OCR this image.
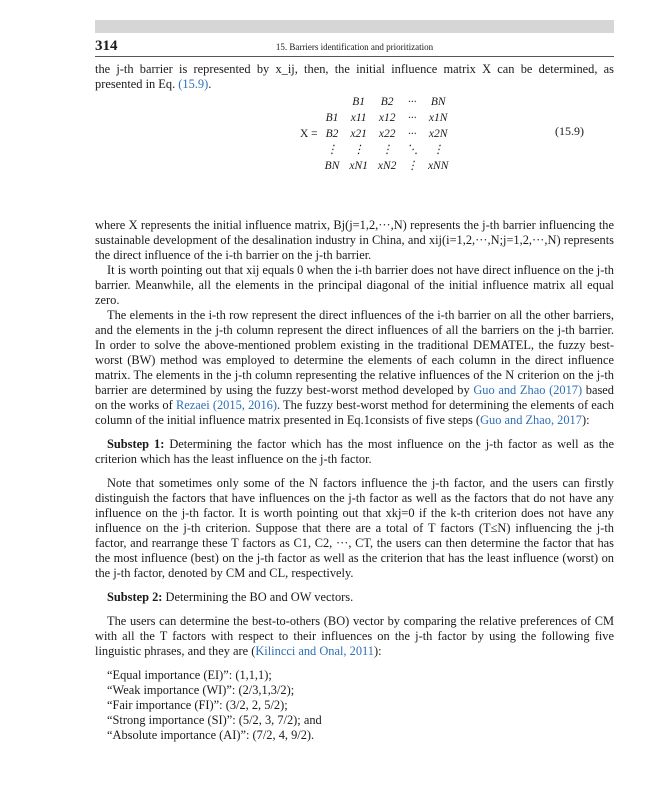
314	15. Barriers identification and prioritization

the j-th barrier is represented by x_ij, then, the initial influence matrix X can be determined, as presented in Eq. (15.9).

		B1	B2	···	BN
	B1	x11	x12	···	x1N
X =	B2	x21	x22	···	x2N
	⋮	⋮	⋮	⋱	⋮
	BN	xN1	xN2	⋮	xNN
(15.9)

where X represents the initial influence matrix, Bj(j=1,2,···,N) represents the j-th barrier influencing the sustainable development of the desalination industry in China, and xij(i=1,2,···,N;j=1,2,···,N) represents the direct influence of the i-th barrier on the j-th barrier.

It is worth pointing out that xij equals 0 when the i-th barrier does not have direct influence on the j-th barrier. Meanwhile, all the elements in the principal diagonal of the initial influence matrix all equal zero.

The elements in the i-th row represent the direct influences of the i-th barrier on all the other barriers, and the elements in the j-th column represent the direct influences of all the barriers on the j-th barrier. In order to solve the above-mentioned problem existing in the traditional DEMATEL, the fuzzy best-worst (BW) method was employed to determine the elements of each column in the direct influence matrix. The elements in the j-th column representing the relative influences of the N criterion on the j-th barrier are determined by using the fuzzy best-worst method developed by Guo and Zhao (2017) based on the works of Rezaei (2015, 2016). The fuzzy best-worst method for determining the elements of each column of the initial influence matrix presented in Eq.1consists of five steps (Guo and Zhao, 2017):

Substep 1: Determining the factor which has the most influence on the j-th factor as well as the criterion which has the least influence on the j-th factor.

Note that sometimes only some of the N factors influence the j-th factor, and the users can firstly distinguish the factors that have influences on the j-th factor as well as the factors that do not have any influence on the j-th factor. It is worth pointing out that xkj=0 if the k-th criterion does not have any influence on the j-th criterion. Suppose that there are a total of T factors (T≤N) influencing the j-th factor, and rearrange these T factors as C1, C2, ···, CT, the users can then determine the factor that has the most influence (best) on the j-th factor as well as the criterion that has the least influence (worst) on the j-th factor, denoted by CM and CL, respectively.

Substep 2: Determining the BO and OW vectors.

The users can determine the best-to-others (BO) vector by comparing the relative preferences of CM with all the T factors with respect to their influences on the j-th factor by using the following five linguistic phrases, and they are (Kilincci and Onal, 2011):

“Equal importance (EI)”: (1,1,1);
“Weak importance (WI)”: (2/3,1,3/2);
“Fair importance (FI)”: (3/2, 2, 5/2);
“Strong importance (SI)”: (5/2, 3, 7/2); and
“Absolute importance (AI)”: (7/2, 4, 9/2).
